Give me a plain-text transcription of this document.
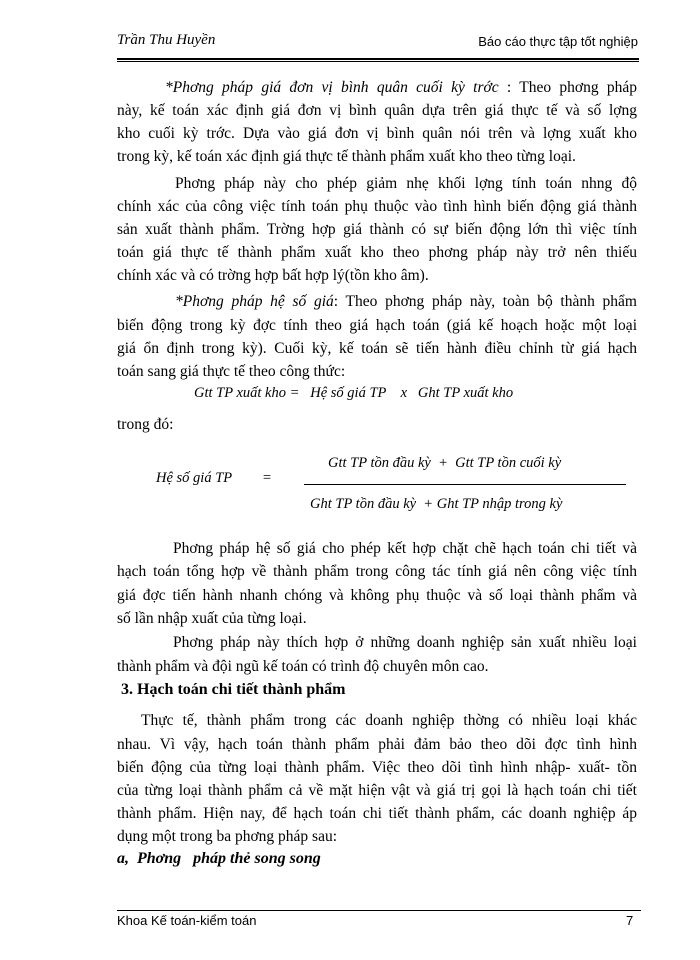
Trần Thu Huyền	Báo cáo thực tập tốt nghiệp
*Phơng pháp giá đơn vị bình quân cuối kỳ trớc : Theo phơng pháp
này, kế toán xác định giá đơn vị bình quân dựa trên giá thực tế và số lợng
kho cuối kỳ trớc. Dựa vào giá đơn vị bình quân nói trên và lợng xuất kho
trong kỳ, kế toán xác định giá thực tế thành phẩm xuất kho theo từng loại.
Phơng pháp này cho phép giảm nhẹ khối lợng tính toán nhng độ
chính xác của công việc tính toán phụ thuộc vào tình hình biến động giá thành
sản xuất thành phẩm. Trờng hợp giá thành có sự biến động lớn thì việc tính
toán giá thực tế thành phẩm xuất kho theo phơng pháp này trở nên thiếu
chính xác và có trờng hợp bất hợp lý(tồn kho âm).
*Phơng pháp hệ số giá: Theo phơng pháp này, toàn bộ thành phẩm
biến động trong kỳ đợc tính theo giá hạch toán (giá kế hoạch hoặc một loại
giá ổn định trong kỳ). Cuối kỳ, kế toán sẽ tiến hành điều chỉnh từ giá hạch
toán sang giá thực tế theo công thức:
Gtt TP xuất kho =   Hệ số giá TP    x   Ght TP xuất kho
trong đó:
Hệ số giá TP =
Gtt TP tồn đầu kỳ  +  Gtt TP tồn cuối kỳ
Ght TP tồn đầu kỳ  + Ght TP nhập trong kỳ
Phơng pháp hệ số giá cho phép kết hợp chặt chẽ hạch toán chi tiết và
hạch toán tổng hợp về thành phẩm trong công tác tính giá nên công việc tính
giá đợc tiến hành nhanh chóng và không phụ thuộc và số loại thành phẩm và
số lần nhập xuất của từng loại.
Phơng pháp này thích hợp ở những doanh nghiệp sản xuất nhiều loại
thành phẩm và đội ngũ kế toán có trình độ chuyên môn cao.
3. Hạch toán chi tiết thành phẩm
Thực tế, thành phẩm trong các doanh nghiệp thờng có nhiều loại khác
nhau. Vì vậy, hạch toán thành phẩm phải đảm bảo theo dõi đợc tình hình
biến động của từng loại thành phẩm. Việc theo dõi tình hình nhập- xuất- tồn
của từng loại thành phẩm cả về mặt hiện vật và giá trị gọi là hạch toán chi tiết
thành phẩm. Hiện nay, để hạch toán chi tiết thành phẩm, các doanh nghiệp áp
dụng một trong ba phơng pháp sau:
a,  Phơng   pháp thẻ song song
Khoa Kế toán-kiểm toán	7
